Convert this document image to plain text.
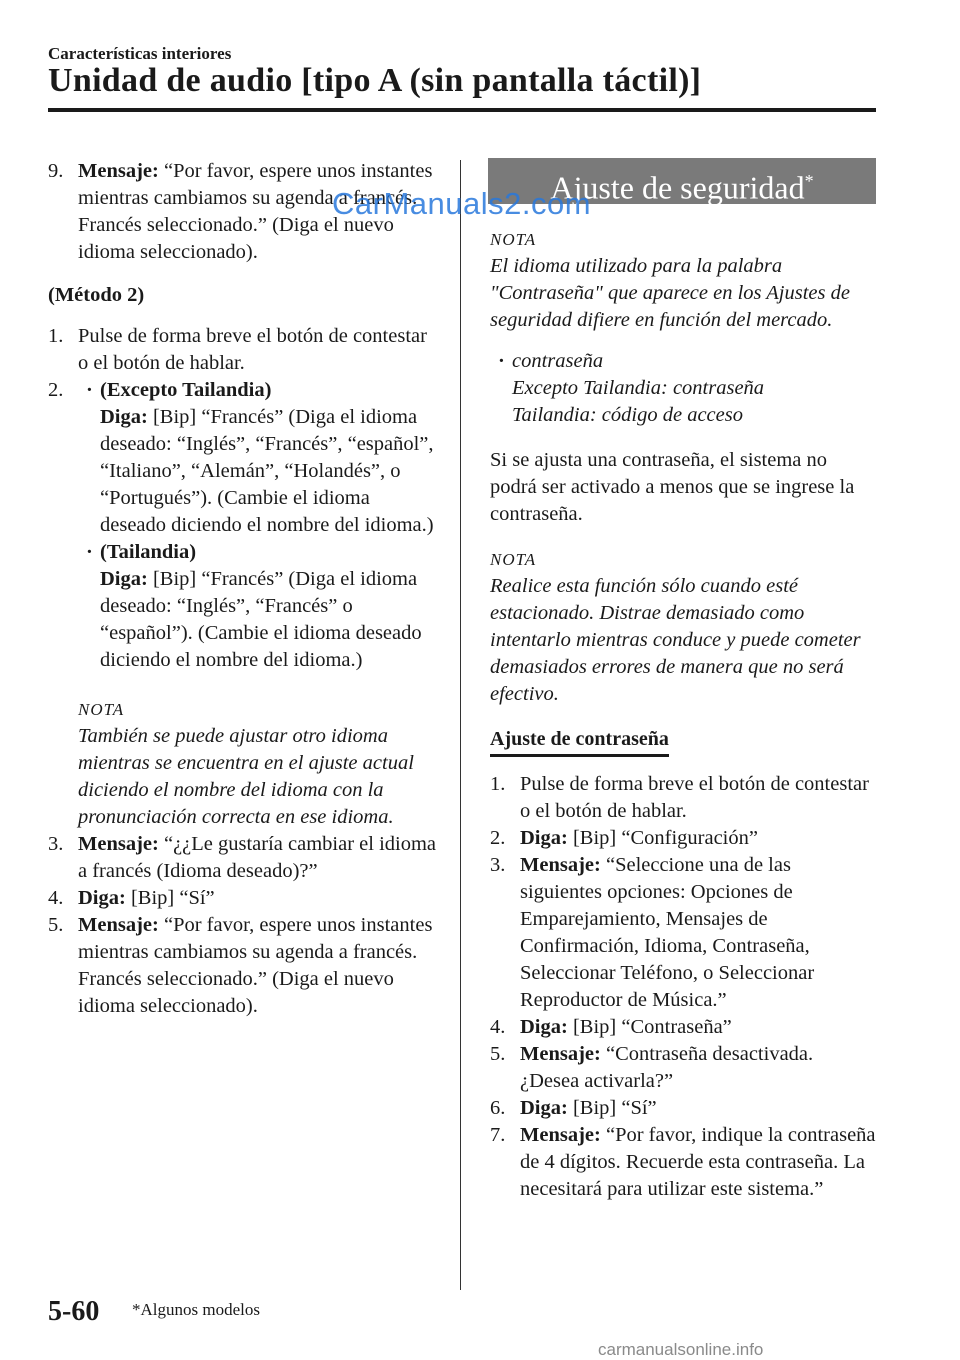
Características interiores
Unidad de audio [tipo A (sin pantalla táctil)]
9. Mensaje: “Por favor, espere unos instantes mientras cambiamos su agenda a francés. Francés seleccionado.” (Diga el nuevo idioma seleccionado).
(Método 2)
1. Pulse de forma breve el botón de contestar o el botón de hablar.
2. · (Excepto Tailandia)
Diga: [Bip] “Francés” (Diga el idioma deseado: “Inglés”, “Francés”, “español”, “Italiano”, “Alemán”, “Holandés”, o “Portugués”). (Cambie el idioma deseado diciendo el nombre del idioma.)
· (Tailandia)
Diga: [Bip] “Francés” (Diga el idioma deseado: “Inglés”, “Francés” o “español”). (Cambie el idioma deseado diciendo el nombre del idioma.)
NOTA
También se puede ajustar otro idioma mientras se encuentra en el ajuste actual diciendo el nombre del idioma con la pronunciación correcta en ese idioma.
3. Mensaje: “¿¿Le gustaría cambiar el idioma a francés (Idioma deseado)?”
4. Diga: [Bip] “Sí”
5. Mensaje: “Por favor, espere unos instantes mientras cambiamos su agenda a francés. Francés seleccionado.” (Diga el nuevo idioma seleccionado).
Ajuste de seguridad*
NOTA
El idioma utilizado para la palabra "Contraseña" que aparece en los Ajustes de seguridad difiere en función del mercado.
· contraseña
Excepto Tailandia: contraseña
Tailandia: código de acceso
Si se ajusta una contraseña, el sistema no podrá ser activado a menos que se ingrese la contraseña.
NOTA
Realice esta función sólo cuando esté estacionado. Distrae demasiado como intentarlo mientras conduce y puede cometer demasiados errores de manera que no será efectivo.
Ajuste de contraseña
1. Pulse de forma breve el botón de contestar o el botón de hablar.
2. Diga: [Bip] “Configuración”
3. Mensaje: “Seleccione una de las siguientes opciones: Opciones de Emparejamiento, Mensajes de Confirmación, Idioma, Contraseña, Seleccionar Teléfono, o Seleccionar Reproductor de Música.”
4. Diga: [Bip] “Contraseña”
5. Mensaje: “Contraseña desactivada. ¿Desea activarla?”
6. Diga: [Bip] “Sí”
7. Mensaje: “Por favor, indique la contraseña de 4 dígitos. Recuerde esta contraseña. La necesitará para utilizar este sistema.”
CarManuals2.com
5-60 *Algunos modelos
carmanualsonline.info
